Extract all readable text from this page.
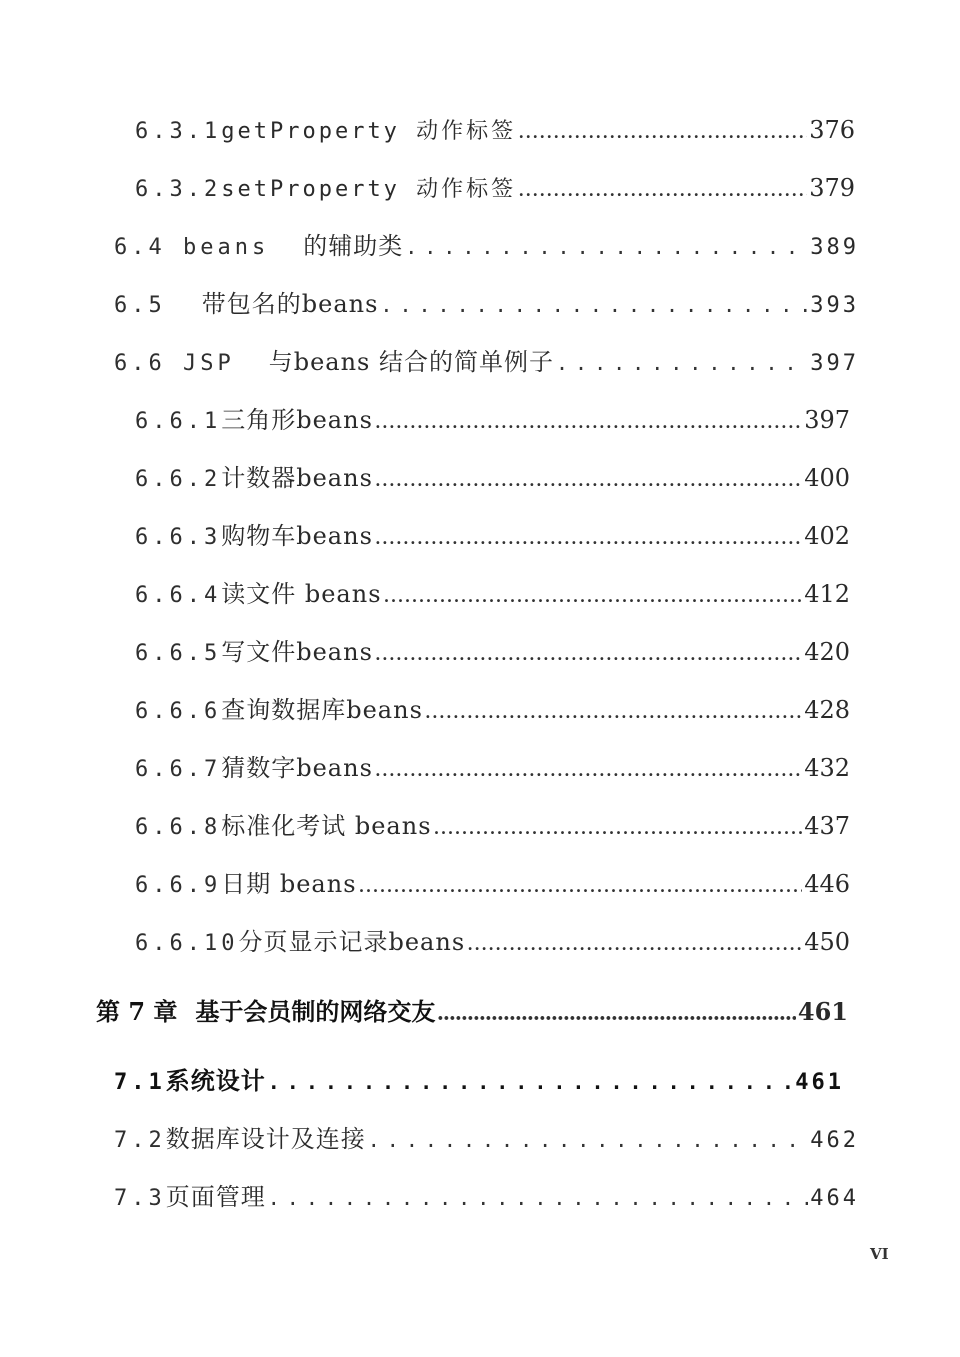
6.3.1 getProperty 动作标签 .....	376
6.3.2 setProperty 动作标签 .....	379
6.4 beans 的辅助类 .....	389
6.5 带包名的beans .....	393
6.6 JSP 与beans 结合的简单例子 .....	397
6.6.1 三角形beans .....	397
6.6.2 计数器beans .....	400
6.6.3 购物车beans .....	402
6.6.4 读文件 beans .....	412
6.6.5 写文件beans .....	420
6.6.6 查询数据库beans .....	428
6.6.7 猜数字beans .....	432
6.6.8 标准化考试 beans .....	437
6.6.9 日期 beans .....	446
6.6.10 分页显示记录beans .....	450
第 7 章 基于会员制的网络交友 .....	461
7.1 系统设计 .....	461
7.2 数据库设计及连接 .....	462
7.3 页面管理 .....	464
VI
